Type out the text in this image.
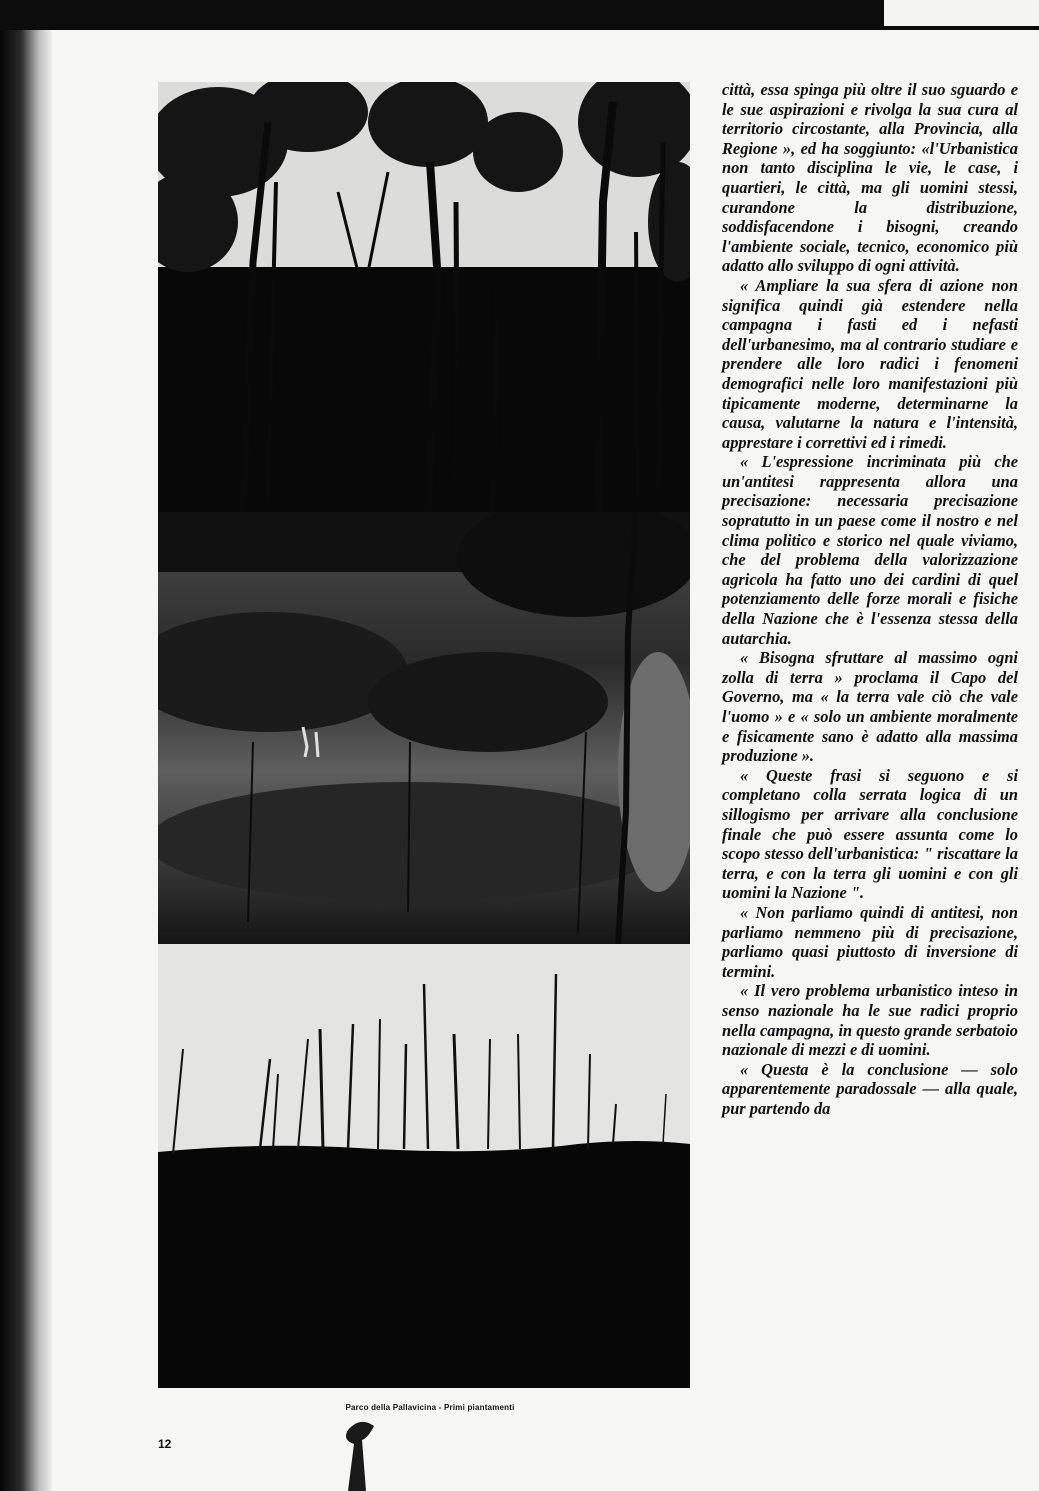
Parco della Pallavicina - Primi piantamenti
12

città, essa spinga più oltre il suo sguardo e le sue aspirazioni e rivolga la sua cura al territorio circostante, alla Provincia, alla Regione », ed ha soggiunto: «l'Urbanistica non tanto disciplina le vie, le case, i quartieri, le città, ma gli uomini stessi, curandone la distribuzione, soddisfacendone i bisogni, creando l'ambiente sociale, tecnico, economico più adatto allo sviluppo di ogni attività.

« Ampliare la sua sfera di azione non significa quindi già estendere nella campagna i fasti ed i nefasti dell'urbanesimo, ma al contrario studiare e prendere alle loro radici i fenomeni demografici nelle loro manifestazioni più tipicamente moderne, determinarne la causa, valutarne la natura e l'intensità, apprestare i correttivi ed i rimedi.

« L'espressione incriminata più che un'antitesi rappresenta allora una precisazione: necessaria precisazione sopratutto in un paese come il nostro e nel clima politico e storico nel quale viviamo, che del problema della valorizzazione agricola ha fatto uno dei cardini di quel potenziamento delle forze morali e fisiche della Nazione che è l'essenza stessa della autarchia.

« Bisogna sfruttare al massimo ogni zolla di terra » proclama il Capo del Governo, ma « la terra vale ciò che vale l'uomo » e « solo un ambiente moralmente e fisicamente sano è adatto alla massima produzione ».

« Queste frasi si seguono e si completano colla serrata logica di un sillogismo per arrivare alla conclusione finale che può essere assunta come lo scopo stesso dell'urbanistica: " riscattare la terra, e con la terra gli uomini e con gli uomini la Nazione ".

« Non parliamo quindi di antitesi, non parliamo nemmeno più di precisazione, parliamo quasi piuttosto di inversione di termini.

« Il vero problema urbanistico inteso in senso nazionale ha le sue radici proprio nella campagna, in questo grande serbatoio nazionale di mezzi e di uomini.

« Questa è la conclusione — solo apparentemente paradossale — alla quale, pur partendo da
